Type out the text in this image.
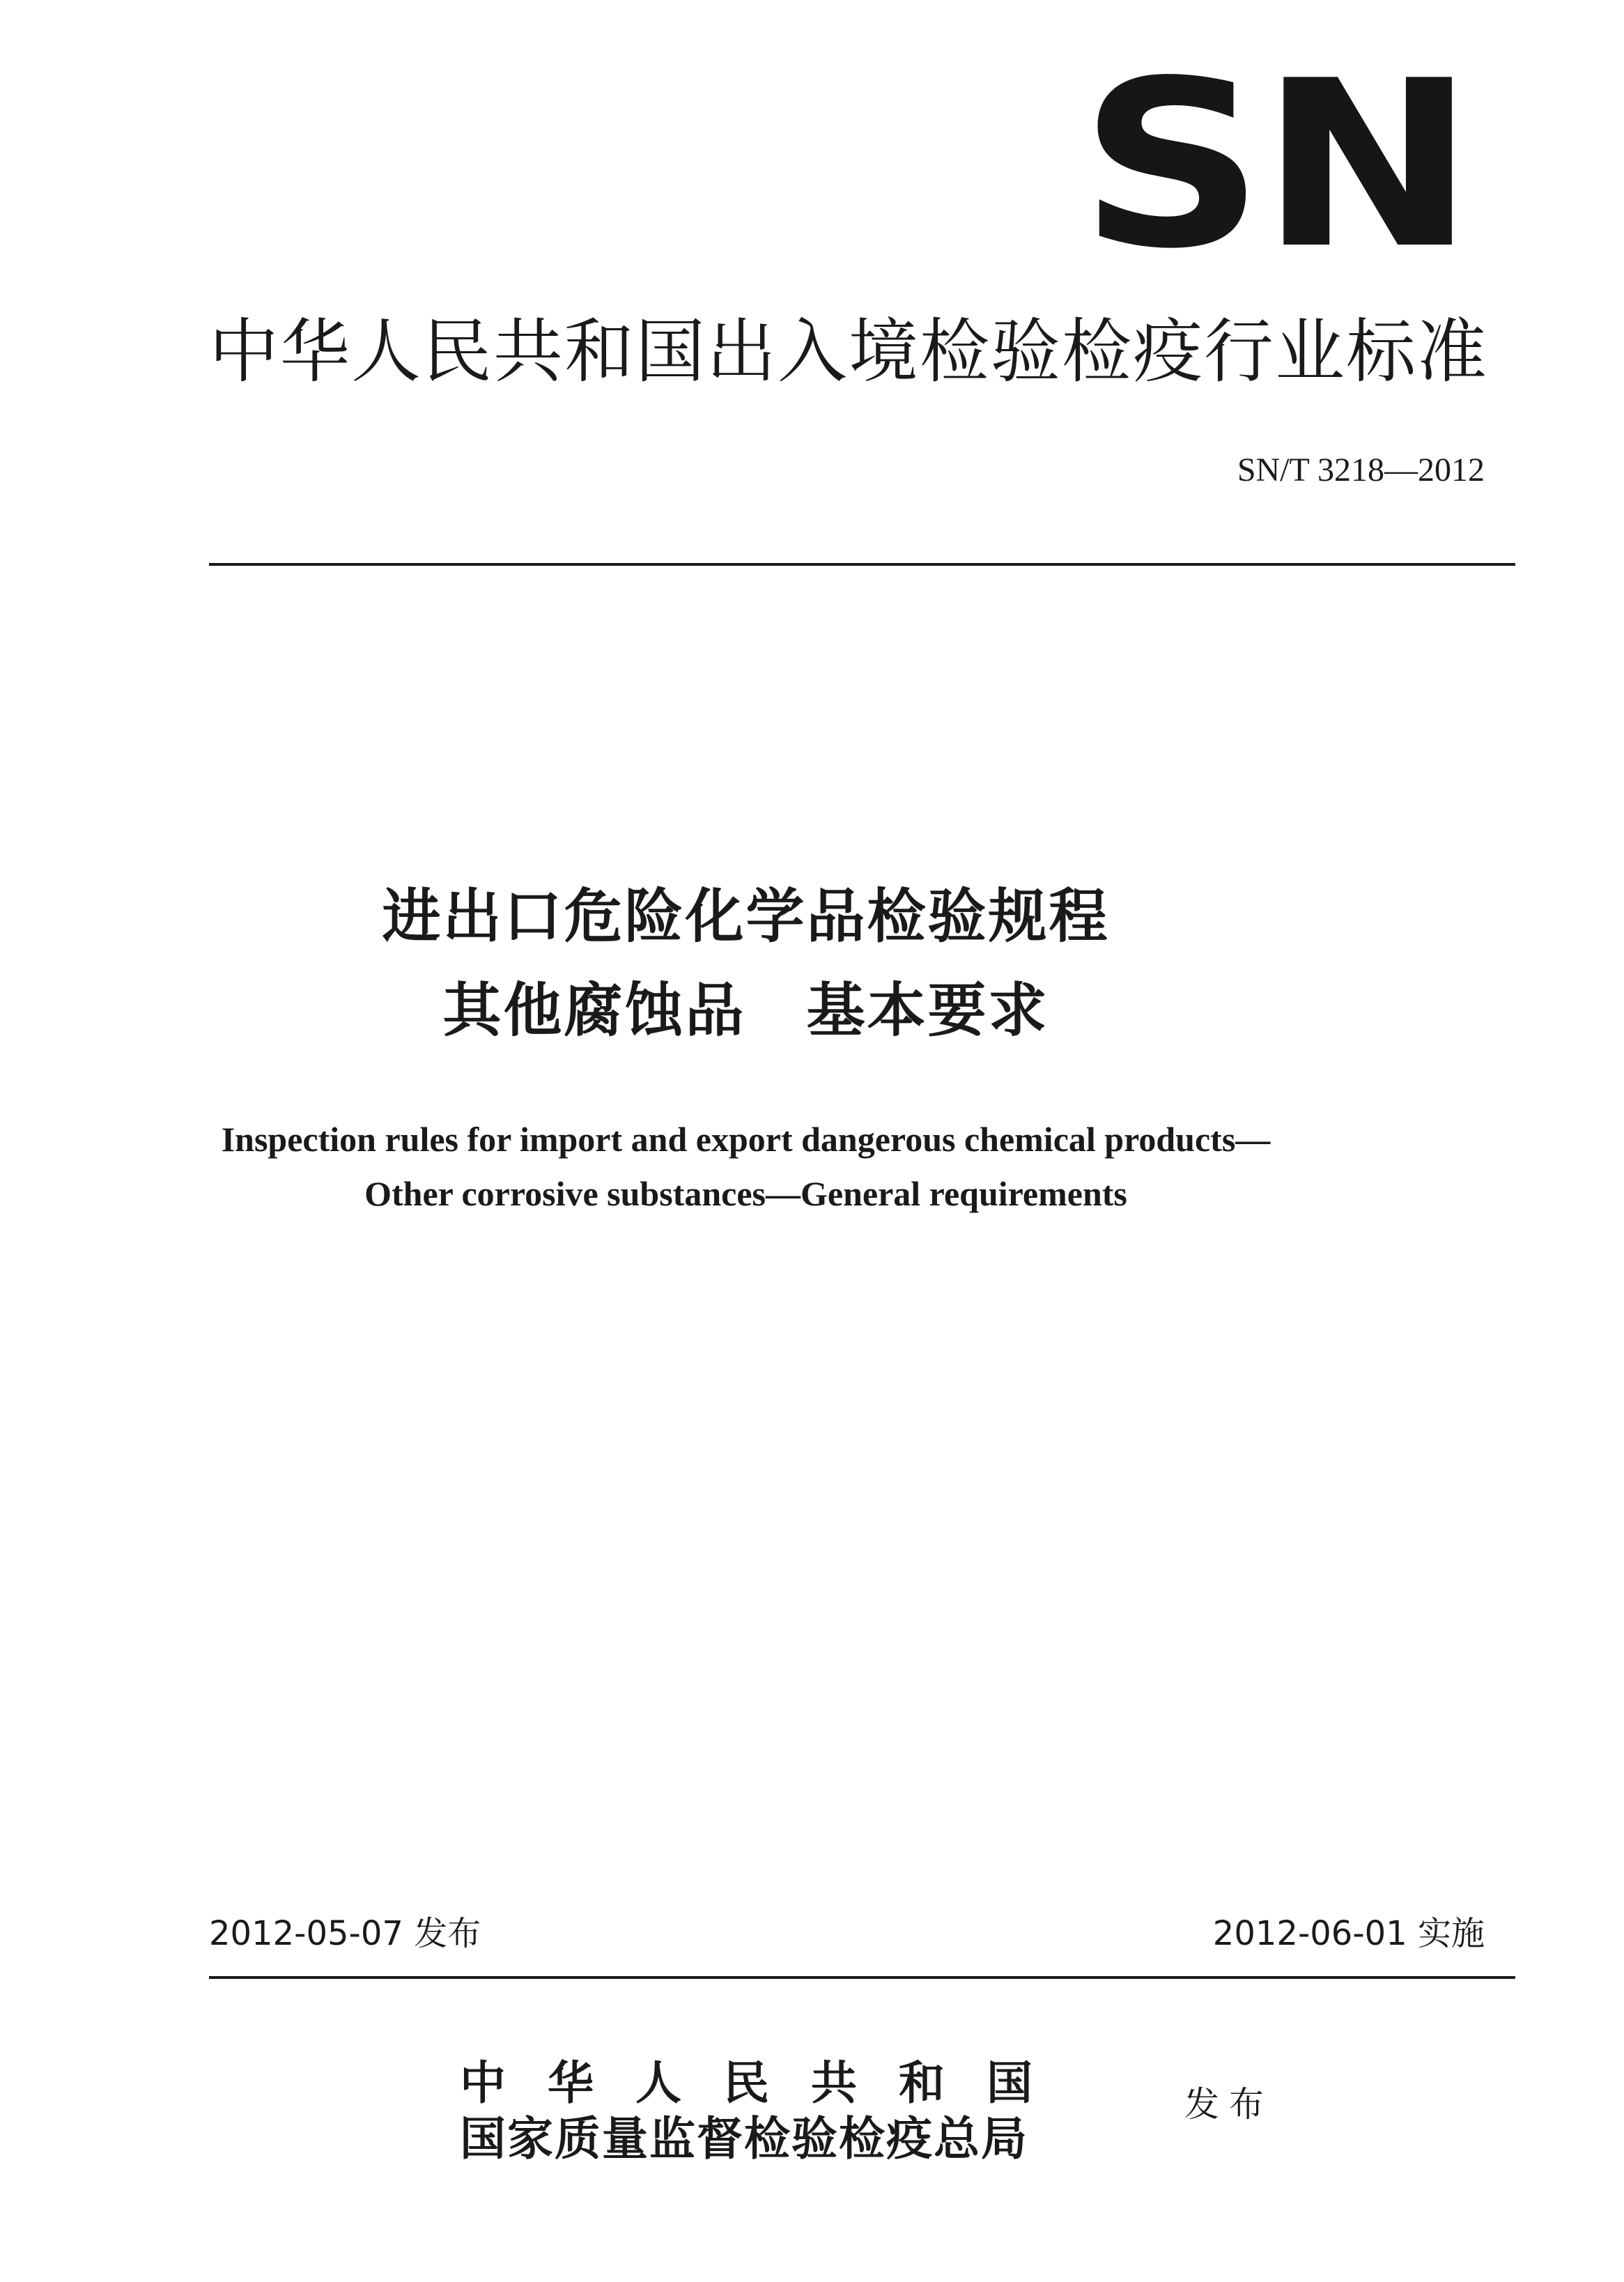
SN
中华人民共和国出入境检验检疫行业标准
SN/T 3218—2012
进出口危险化学品检验规程
其他腐蚀品　基本要求
Inspection rules for import and export dangerous chemical products—
Other corrosive substances—General requirements
2012-05-07 发布	2012-06-01 实施
中华人民共和国
国家质量监督检验检疫总局
发布
